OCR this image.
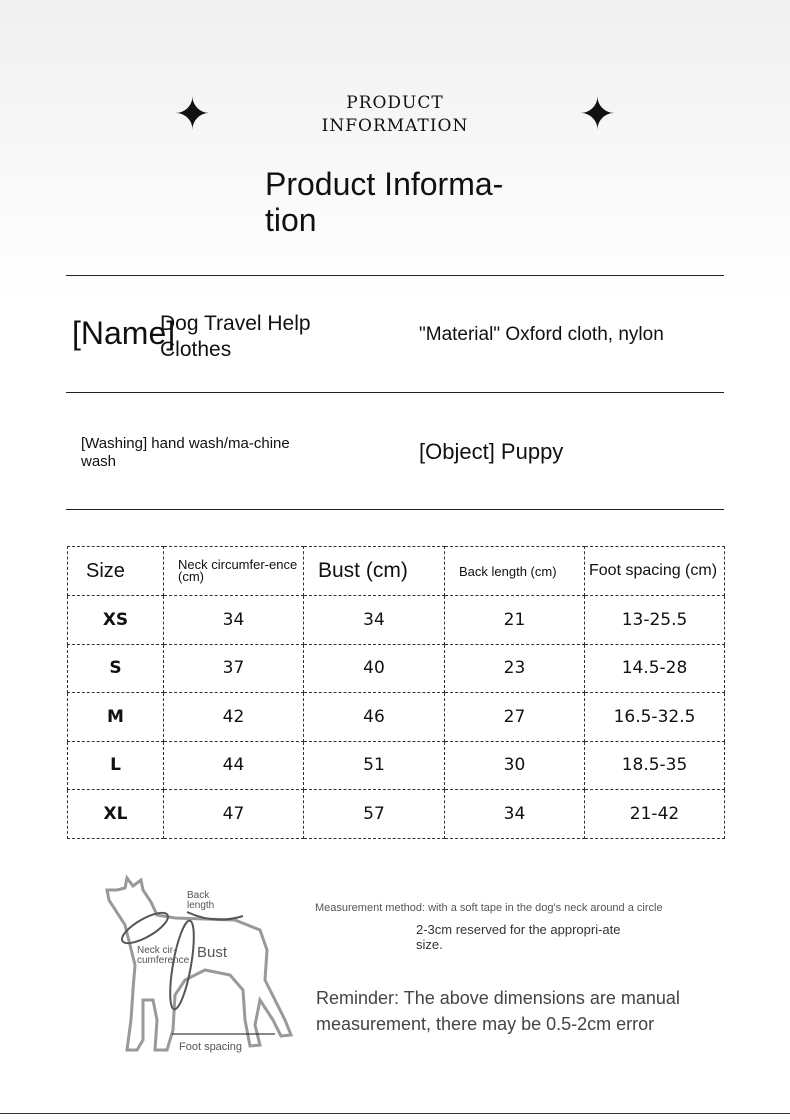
✦	✦
PRODUCT
INFORMATION
Product Informa-tion
[Name]
Dog Travel Help Clothes
"Material" Oxford cloth, nylon
[Washing] hand wash/ma-chine wash	[Object] Puppy
Size	Neck circumfer-ence (cm)	Bust (cm)	Back length (cm)	Foot spacing (cm)
XS	34	34	21	13-25.5
S	37	40	23	14.5-28
M	42	46	27	16.5-32.5
L	44	51	30	18.5-35
XL	47	57	34	21-42
Back length
Neck cir-cumference Bust
Foot spacing
Measurement method: with a soft tape in the dog's neck around a circle
2-3cm reserved for the appropri-ate size.
Reminder: The above dimensions are manual measurement, there may be 0.5-2cm error
